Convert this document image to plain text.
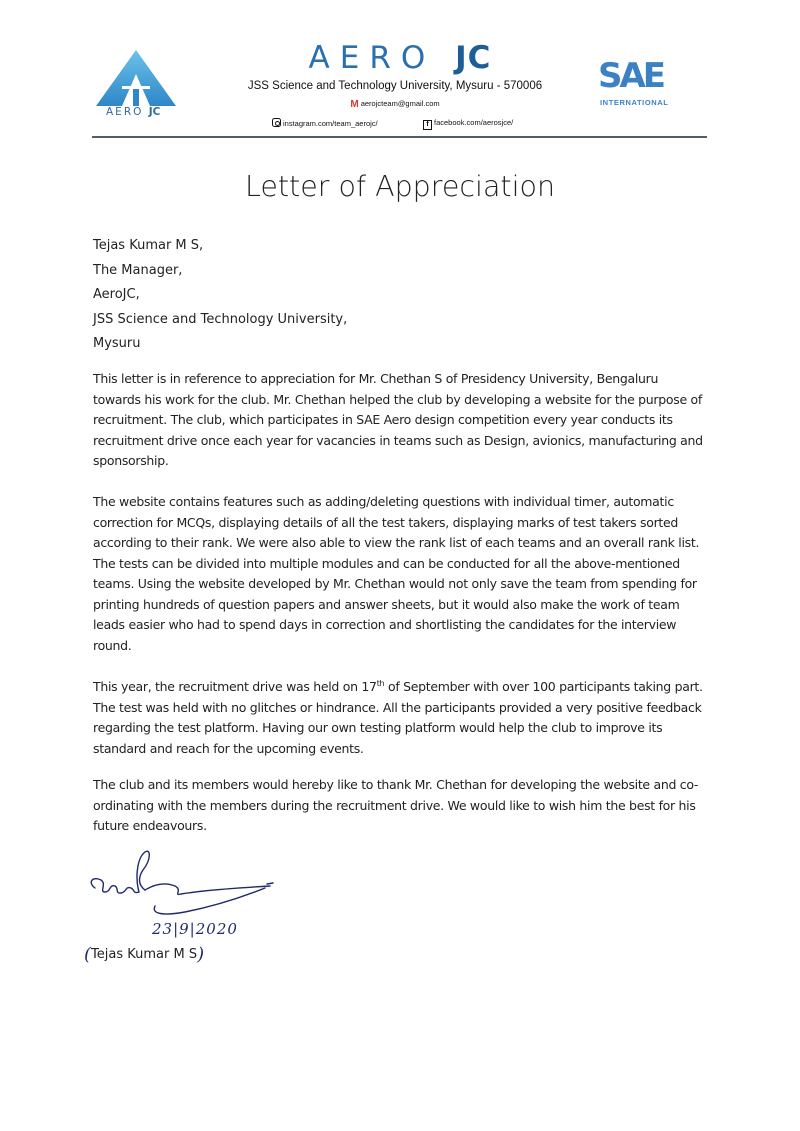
AERO JC
AERO JC
JSS Science and Technology University, Mysuru - 570006
M aerojcteam@gmail.com
instagram.com/team_aerojc/	f facebook.com/aerosjce/
SAE
INTERNATIONAL
Letter of Appreciation
Tejas Kumar M S,
The Manager,
AeroJC,
JSS Science and Technology University,
Mysuru

This letter is in reference to appreciation for Mr. Chethan S of Presidency University, Bengaluru towards his work for the club. Mr. Chethan helped the club by developing a website for the purpose of recruitment. The club, which participates in SAE Aero design competition every year conducts its recruitment drive once each year for vacancies in teams such as Design, avionics, manufacturing and sponsorship.

The website contains features such as adding/deleting questions with individual timer, automatic correction for MCQs, displaying details of all the test takers, displaying marks of test takers sorted according to their rank. We were also able to view the rank list of each teams and an overall rank list. The tests can be divided into multiple modules and can be conducted for all the above-mentioned teams. Using the website developed by Mr. Chethan would not only save the team from spending for printing hundreds of question papers and answer sheets, but it would also make the work of team leads easier who had to spend days in correction and shortlisting the candidates for the interview round.

This year, the recruitment drive was held on 17th of September with over 100 participants taking part. The test was held with no glitches or hindrance. All the participants provided a very positive feedback regarding the test platform. Having our own testing platform would help the club to improve its standard and reach for the upcoming events.

The club and its members would hereby like to thank Mr. Chethan for developing the website and co-ordinating with the members during the recruitment drive. We would like to wish him the best for his future endeavours.

23|9|2020
(Tejas Kumar M S)
